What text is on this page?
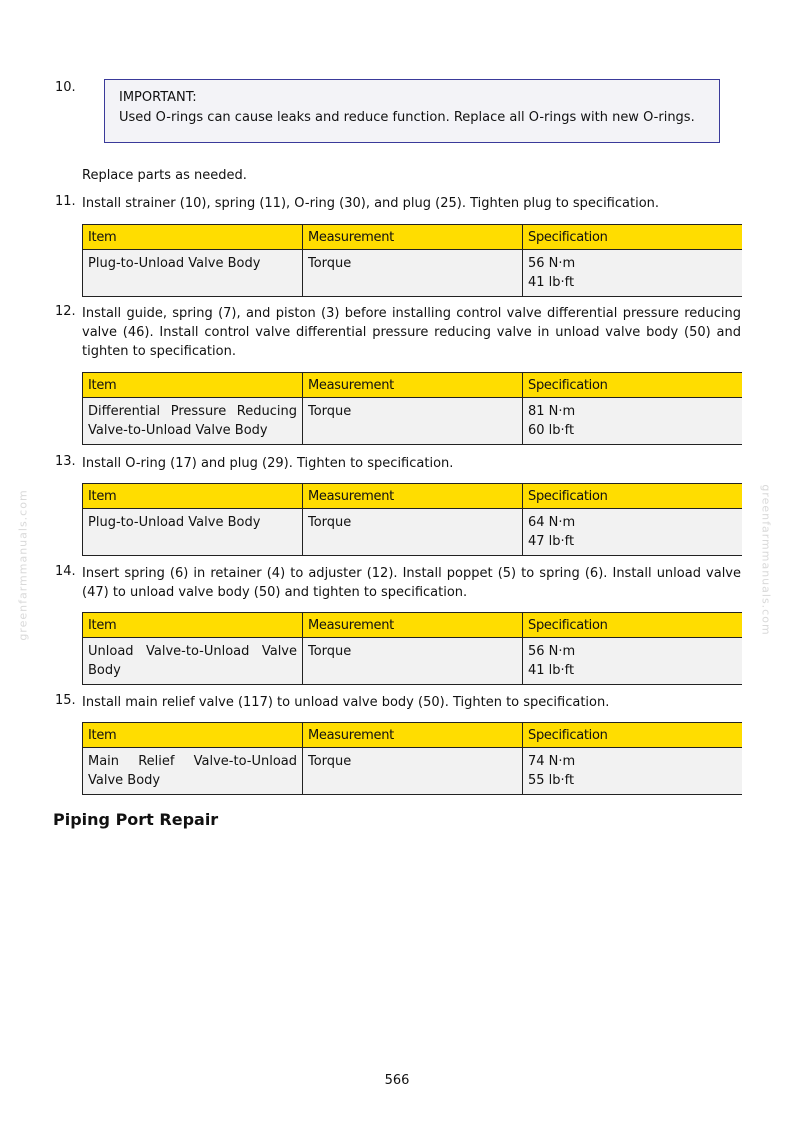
10.
IMPORTANT:
Used O-rings can cause leaks and reduce function. Replace all O-rings with new O-rings.
Replace parts as needed.
11. Install strainer (10), spring (11), O-ring (30), and plug (25). Tighten plug to specification.
Item	Measurement	Specification
Plug-to-Unload Valve Body	Torque	56 N·m
41 lb·ft
12. Install guide, spring (7), and piston (3) before installing control valve differential pressure reducing valve (46). Install control valve differential pressure reducing valve in unload valve body (50) and tighten to specification.
Item	Measurement	Specification
Differential Pressure Reducing Valve-to-Unload Valve Body	Torque	81 N·m
60 lb·ft
13. Install O-ring (17) and plug (29). Tighten to specification.
Item	Measurement	Specification
Plug-to-Unload Valve Body	Torque	64 N·m
47 lb·ft
14. Insert spring (6) in retainer (4) to adjuster (12). Install poppet (5) to spring (6). Install unload valve (47) to unload valve body (50) and tighten to specification.
Item	Measurement	Specification
Unload Valve-to-Unload Valve Body	Torque	56 N·m
41 lb·ft
15. Install main relief valve (117) to unload valve body (50). Tighten to specification.
Item	Measurement	Specification
Main Relief Valve-to-Unload Valve Body	Torque	74 N·m
55 lb·ft
Piping Port Repair
566
greenfarmmanuals.com	greenfarmmanuals.com
